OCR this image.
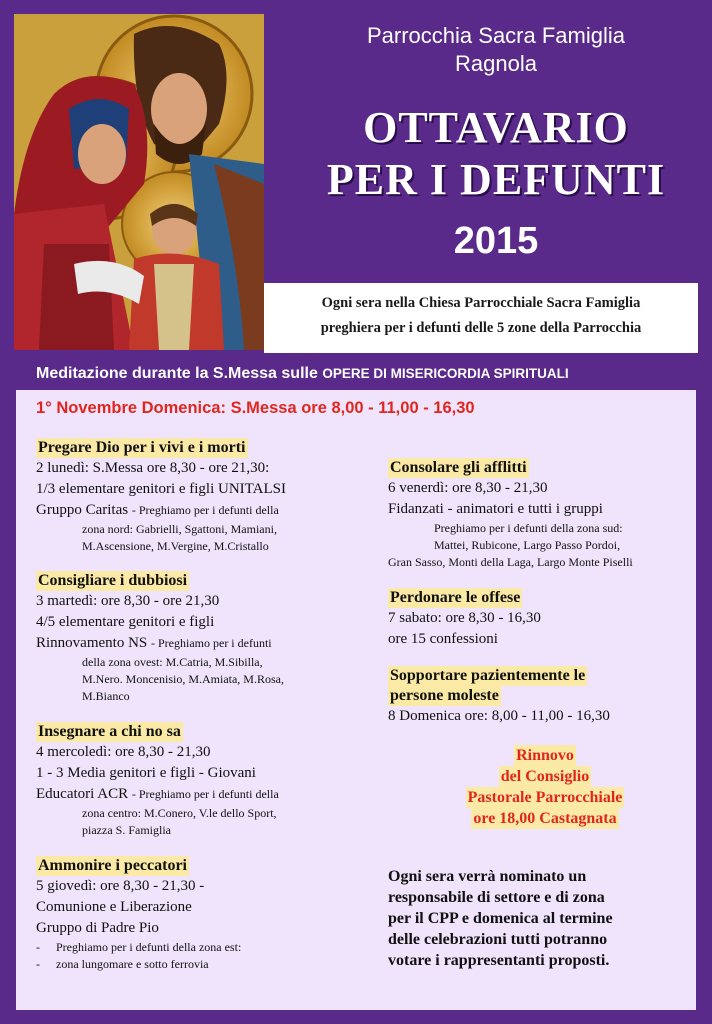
Parrocchia Sacra Famiglia
Ragnola
OTTAVARIO
PER I DEFUNTI
2015
Ogni sera nella Chiesa Parrocchiale Sacra Famiglia
preghiera per i defunti delle 5 zone della Parrocchia
Meditazione durante la S.Messa sulle OPERE DI MISERICORDIA SPIRITUALI
1° Novembre Domenica: S.Messa ore 8,00 - 11,00 - 16,30
Pregare Dio per i vivi e i morti
2 lunedì: S.Messa ore 8,30 - ore 21,30:
1/3 elementare genitori e figli UNITALSI
Gruppo Caritas - Preghiamo per i defunti della
zona nord: Gabrielli, Sgattoni, Mamiani,
M.Ascensione, M.Vergine, M.Cristallo
Consigliare i dubbiosi
3 martedì: ore 8,30 - ore 21,30
4/5 elementare genitori e figli
Rinnovamento NS - Preghiamo per i defunti
della zona ovest: M.Catria, M.Sibilla,
M.Nero. Moncenisio, M.Amiata, M.Rosa,
M.Bianco
Insegnare a chi no sa
4 mercoledì: ore 8,30 - 21,30
1 - 3 Media genitori e figli - Giovani
Educatori ACR - Preghiamo per i defunti della
zona centro: M.Conero, V.le dello Sport,
piazza S. Famiglia
Ammonire i peccatori
5 giovedì: ore 8,30 - 21,30 -
Comunione e Liberazione
Gruppo di Padre Pio
- Preghiamo per i defunti della zona est:
- zona lungomare e sotto ferrovia
Consolare gli afflitti
6 venerdì: ore 8,30 - 21,30
Fidanzati - animatori e tutti i gruppi
Preghiamo per i defunti della zona sud:
Mattei, Rubicone, Largo Passo Pordoi,
Gran Sasso, Monti della Laga, Largo Monte Piselli
Perdonare le offese
7 sabato: ore 8,30 - 16,30
ore 15 confessioni
Sopportare pazientemente le
persone moleste
8 Domenica ore: 8,00 - 11,00 - 16,30
Rinnovo
del Consiglio
Pastorale Parrocchiale
ore 18,00 Castagnata
Ogni sera verrà nominato un
responsabile di settore e di zona
per il CPP e domenica al termine
delle celebrazioni tutti potranno
votare i rappresentanti proposti.
